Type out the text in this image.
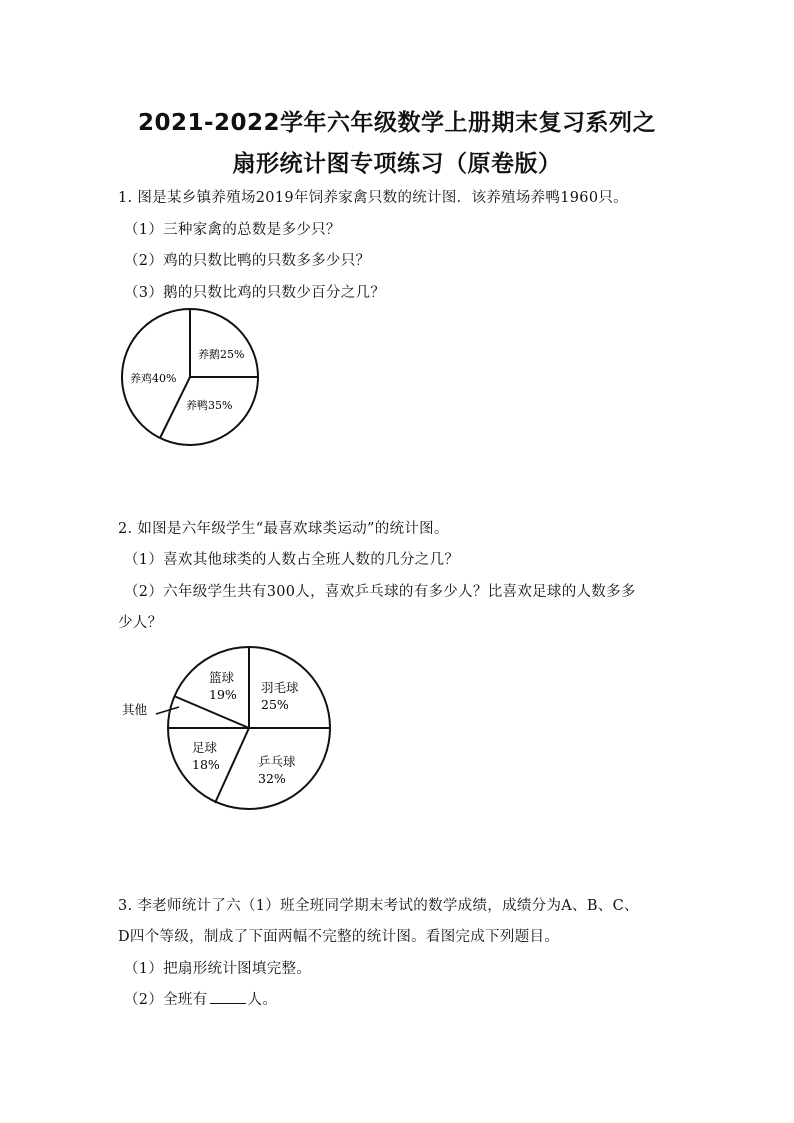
2021-2022学年六年级数学上册期末复习系列之
扇形统计图专项练习（原卷版）
1. 图是某乡镇养殖场2019年饲养家禽只数的统计图．该养殖场养鸭1960只。
（1）三种家禽的总数是多少只？
（2）鸡的只数比鸭的只数多多少只？
（3）鹅的只数比鸡的只数少百分之几？
养鹅25%
养鸭35%
养鸡40%
2. 如图是六年级学生“最喜欢球类运动”的统计图。
（1）喜欢其他球类的人数占全班人数的几分之几？
（2）六年级学生共有300人，喜欢乒乓球的有多少人？比喜欢足球的人数多多
少人？
羽毛球
25%
乒乓球
32%
足球
18%
其他
篮球
19%
3. 李老师统计了六（1）班全班同学期末考试的数学成绩，成绩分为A、B、C、
D四个等级，制成了下面两幅不完整的统计图。看图完成下列题目。
（1）把扇形统计图填完整。
（2）全班有	人。
